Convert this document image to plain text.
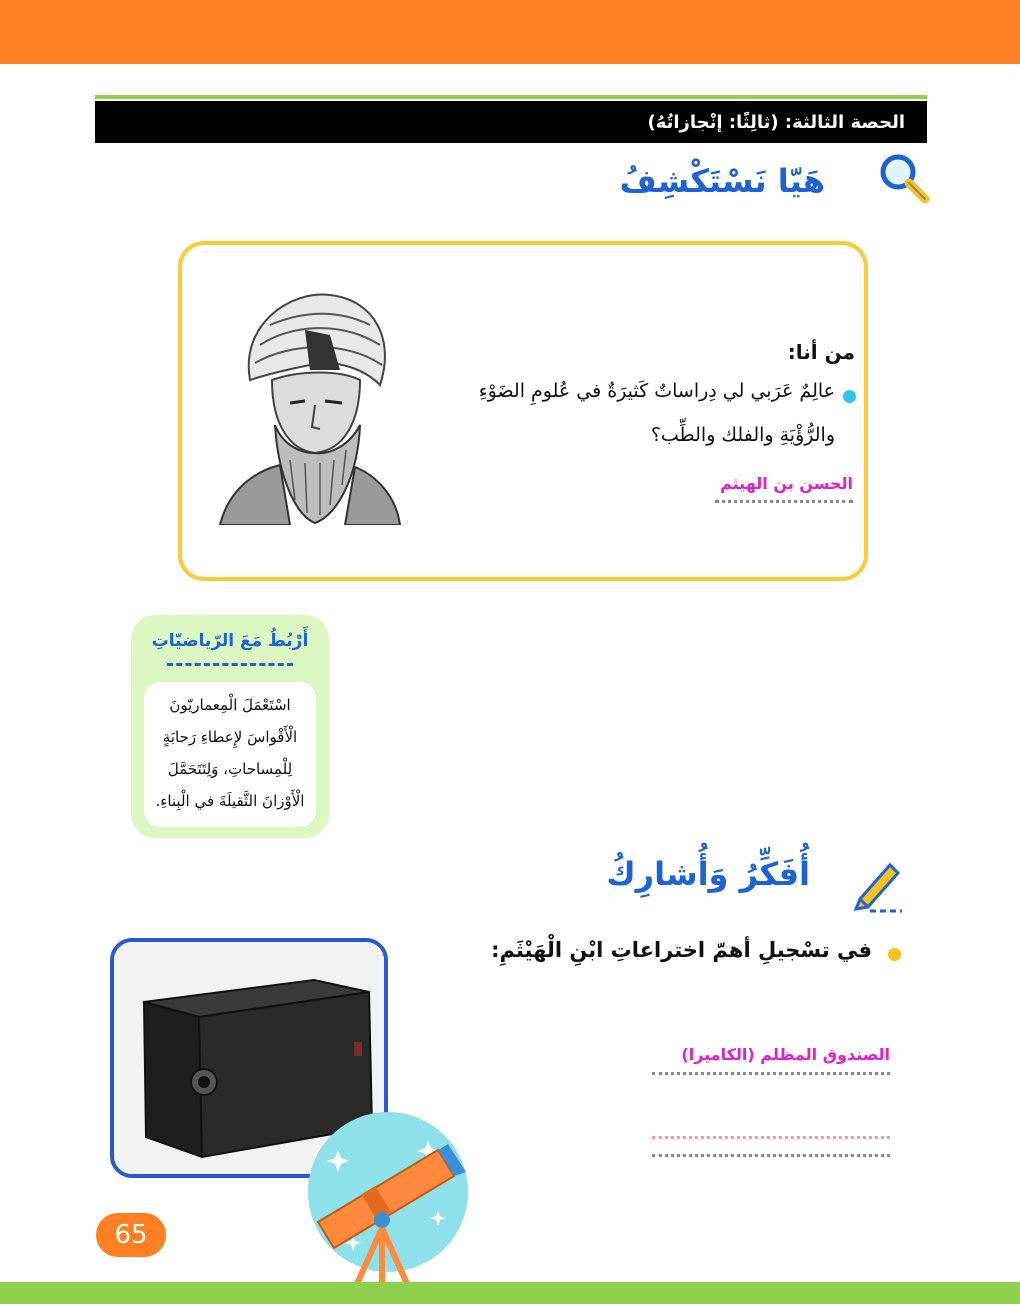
الحصة الثالثة: (ثالِثًا: إنْجازاتُهُ)
هَيّا نَسْتَكْشِفُ
من أنا:
عالِمٌ عَرَبي لي دِراساتٌ كَثيرَةٌ في عُلومِ الضَوْءِ
والرُّؤْيَةِ والفلك والطِّب؟
الحسن بن الهيثم
أَرْبُطُ مَعَ الرّياضيّاتِ
اسْتَعْمَلَ الْمِعماريّونَ
الْأَقْواسَ لإِعطاءِ رَحابَةٍ
لِلْمِساحاتِ، وَلِتَتَحَمَّلَ
الْأَوْزانَ الثَّقيلَةَ في الْبِناءِ.
أُفَكِّرُ وَأُشارِكُ
في تسْجيلِ أهمّ اختراعاتِ ابْنِ الْهَيْثَمِ:
الصندوق المظلم (الكاميرا)
65
